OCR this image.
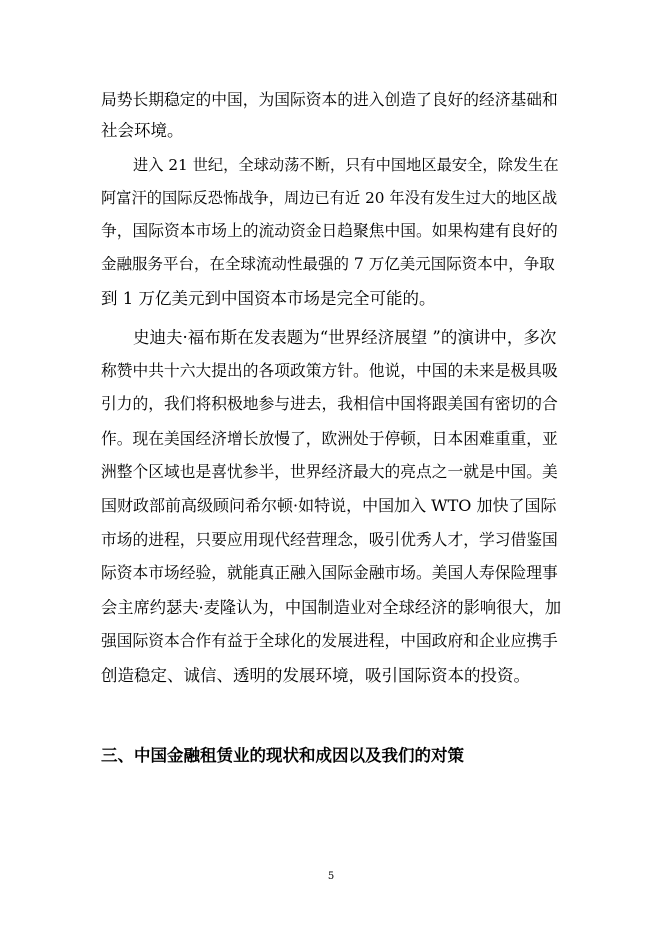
局势长期稳定的中国，为国际资本的进入创造了良好的经济基础和
社会环境。
进入 21 世纪，全球动荡不断，只有中国地区最安全，除发生在
阿富汗的国际反恐怖战争，周边已有近 20 年没有发生过大的地区战
争，国际资本市场上的流动资金日趋聚焦中国。如果构建有良好的
金融服务平台，在全球流动性最强的 7 万亿美元国际资本中，争取
到 1 万亿美元到中国资本市场是完全可能的。
史迪夫·福布斯在发表题为“世界经济展望 ”的演讲中，多次
称赞中共十六大提出的各项政策方针。他说，中国的未来是极具吸
引力的，我们将积极地参与进去，我相信中国将跟美国有密切的合
作。现在美国经济增长放慢了，欧洲处于停顿，日本困难重重，亚
洲整个区域也是喜忧参半，世界经济最大的亮点之一就是中国。美
国财政部前高级顾问希尔顿·如特说，中国加入 WTO 加快了国际
市场的进程，只要应用现代经营理念，吸引优秀人才，学习借鉴国
际资本市场经验，就能真正融入国际金融市场。美国人寿保险理事
会主席约瑟夫·麦隆认为，中国制造业对全球经济的影响很大，加
强国际资本合作有益于全球化的发展进程，中国政府和企业应携手
创造稳定、诚信、透明的发展环境，吸引国际资本的投资。
三、中国金融租赁业的现状和成因以及我们的对策
5
